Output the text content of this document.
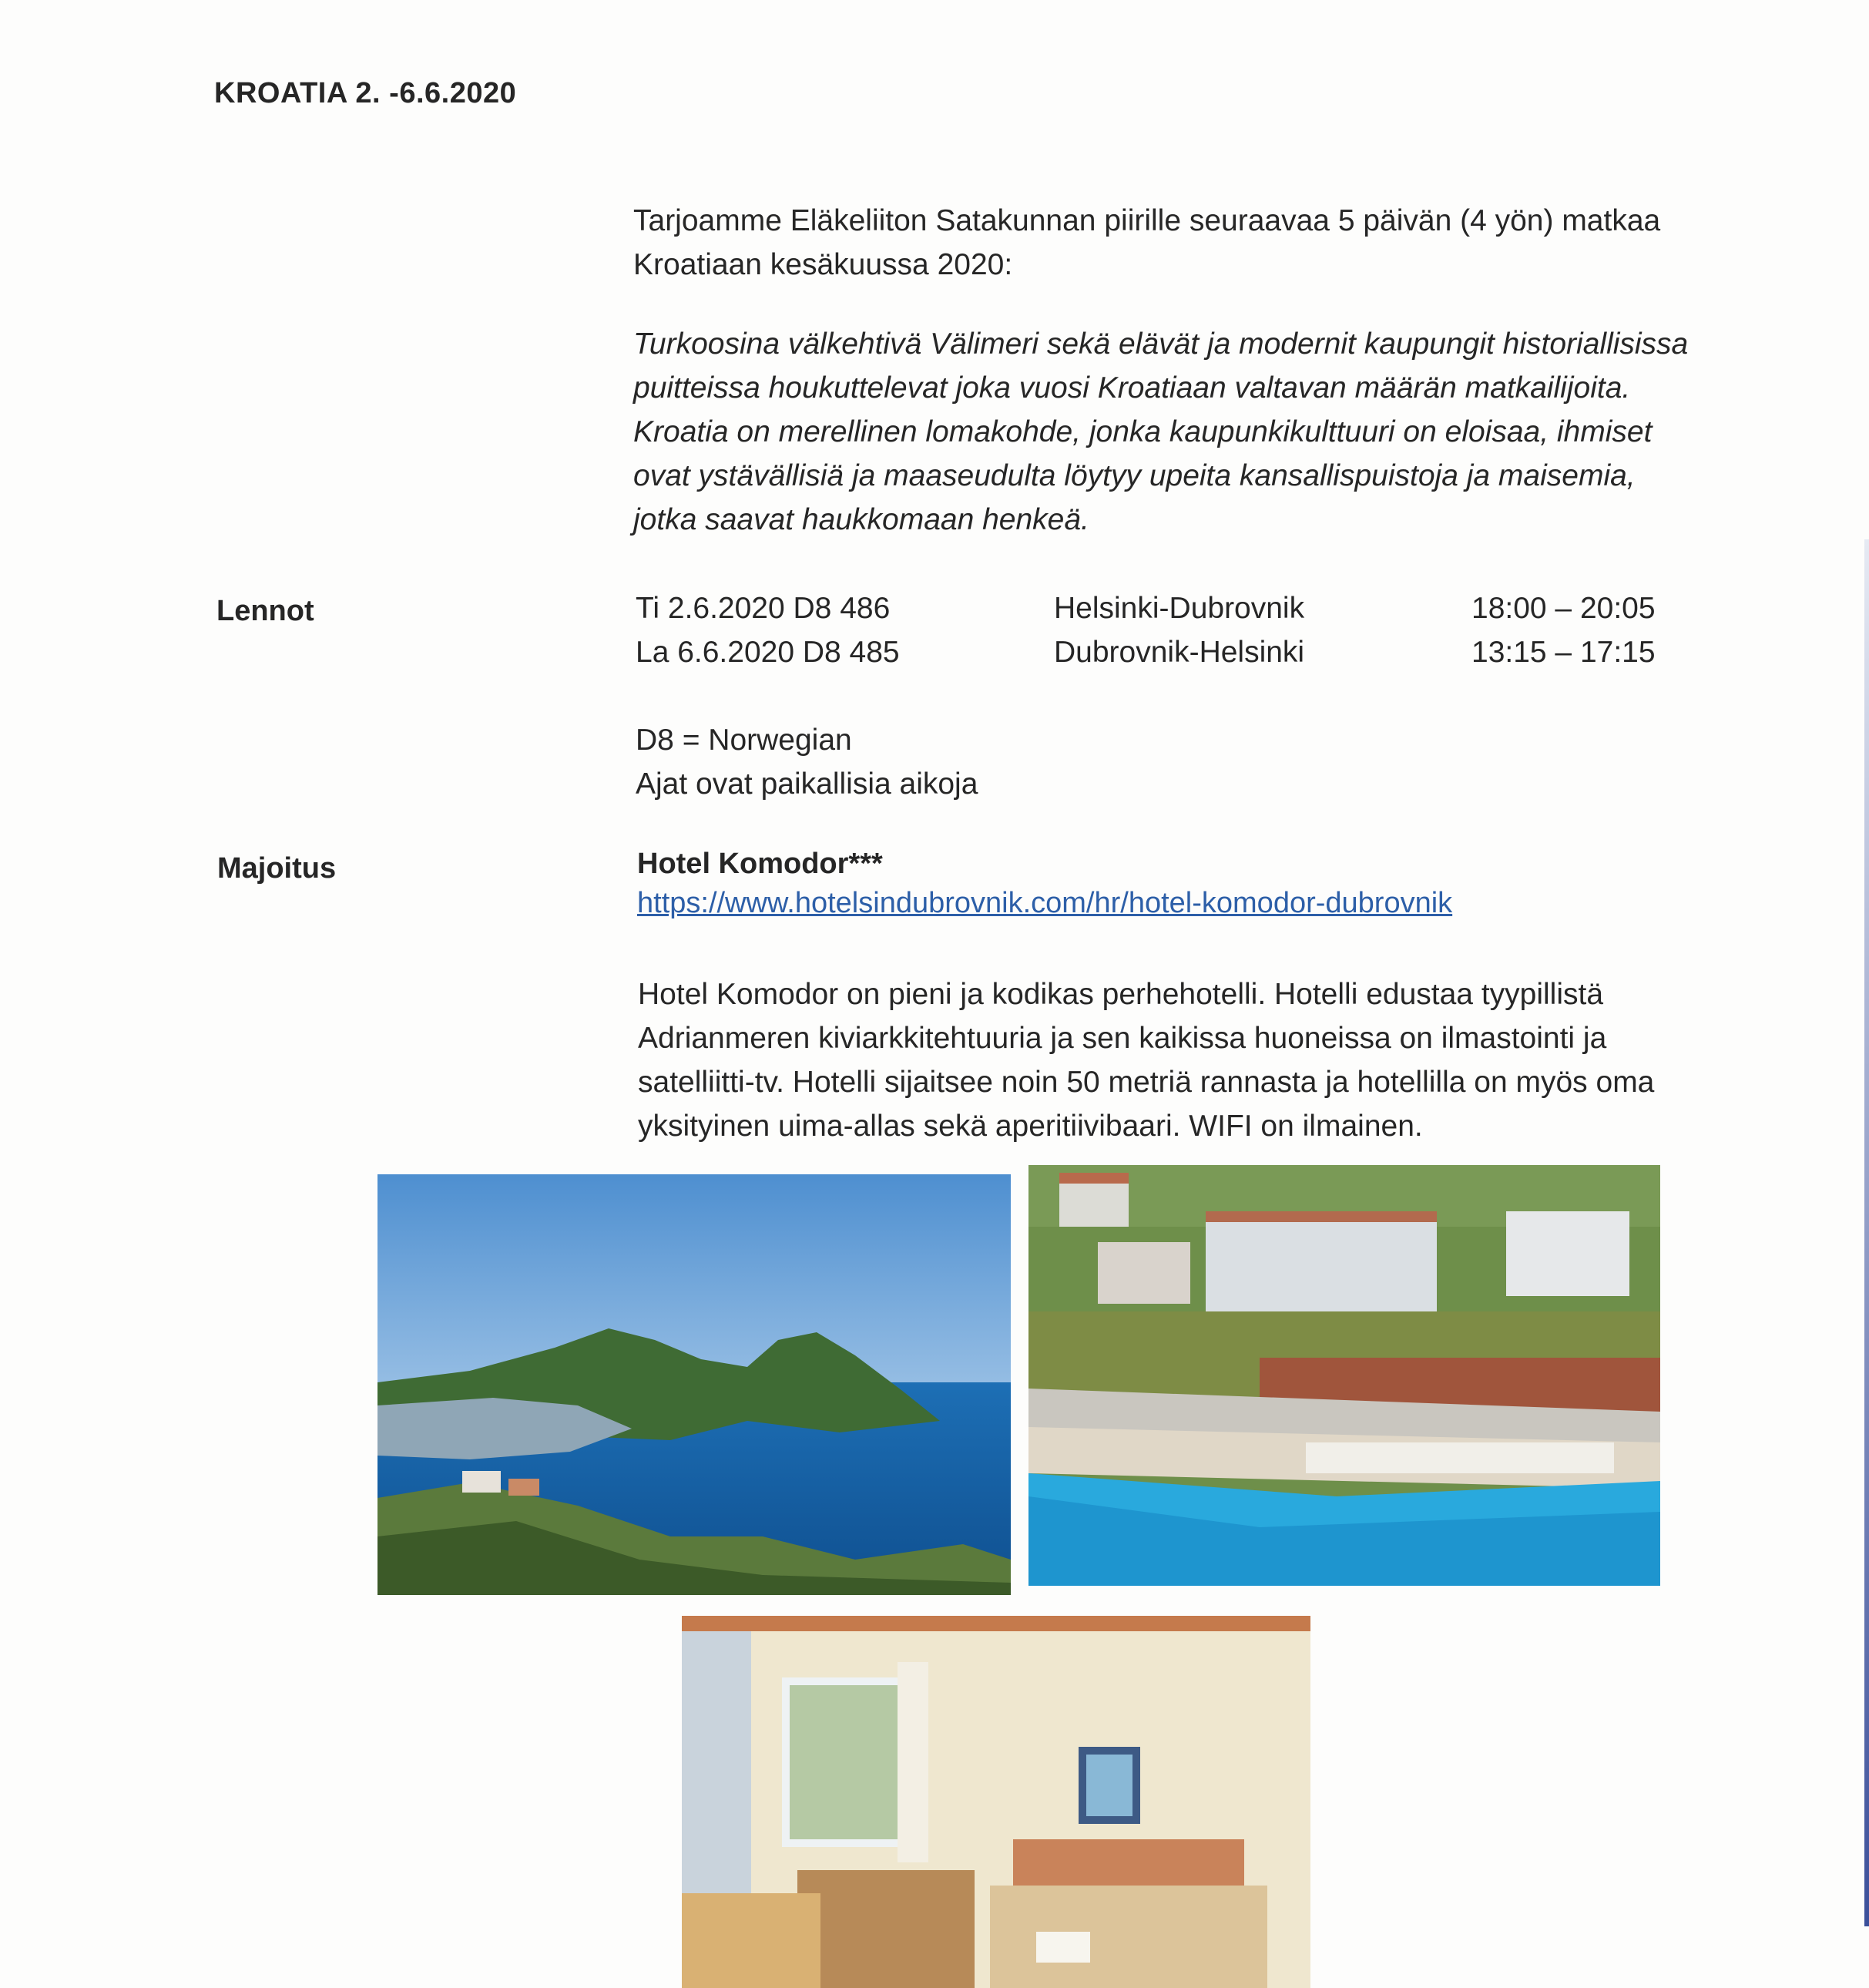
KROATIA 2. -6.6.2020
Tarjoamme Eläkeliiton Satakunnan piirille seuraavaa 5 päivän (4 yön) matkaa
Kroatiaan kesäkuussa 2020:
Turkoosina välkehtivä Välimeri sekä elävät ja modernit kaupungit historiallisissa
puitteissa houkuttelevat joka vuosi Kroatiaan valtavan määrän matkailijoita.
Kroatia on merellinen lomakohde, jonka kaupunkikulttuuri on eloisaa, ihmiset
ovat ystävällisiä ja maaseudulta löytyy upeita kansallispuistoja ja maisemia,
jotka saavat haukkomaan henkeä.
Lennot	Ti 2.6.2020 D8 486	Helsinki-Dubrovnik	18:00 – 20:05
La 6.6.2020 D8 485	Dubrovnik-Helsinki	13:15 – 17:15
D8 = Norwegian
Ajat ovat paikallisia aikoja
Majoitus	Hotel Komodor***
https://www.hotelsindubrovnik.com/hr/hotel-komodor-dubrovnik
Hotel Komodor on pieni ja kodikas perhehotelli. Hotelli edustaa tyypillistä
Adrianmeren kiviarkkitehtuuria ja sen kaikissa huoneissa on ilmastointi ja
satelliitti-tv. Hotelli sijaitsee noin 50 metriä rannasta ja hotellilla on myös oma
yksityinen uima-allas sekä aperitiivibaari. WIFI on ilmainen.
